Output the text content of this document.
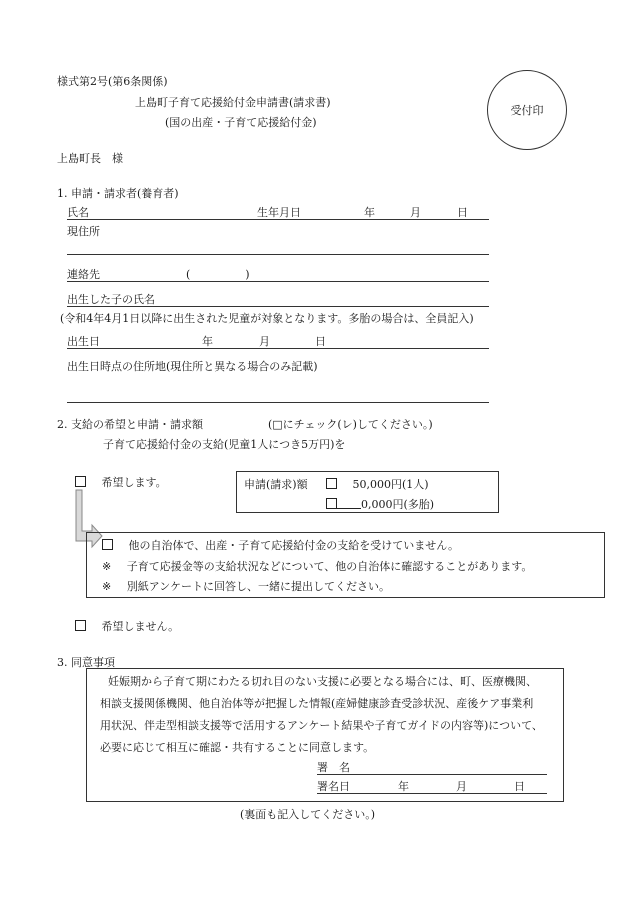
様式第2号(第6条関係)
上島町子育て応援給付金申請書(請求書)
(国の出産・子育て応援給付金)
受付印
上島町長　様
1. 申請・請求者(養育者)
氏名	生年月日	年	月	日
現住所
連絡先	(　　　　　)
出生した子の氏名
(令和4年4月1日以降に出生された児童が対象となります。多胎の場合は、全員記入)
出生日	年	月	日
出生日時点の住所地(現住所と異なる場合のみ記載)
2. 支給の希望と申請・請求額	(□にチェック(レ)してください。)
子育て応援給付金の支給(児童1人につき5万円)を
希望します。	申請(請求)額	50,000円(1人)
0,000円(多胎)
他の自治体で、出産・子育て応援給付金の支給を受けていません。
※ 子育て応援金等の支給状況などについて、他の自治体に確認することがあります。
※ 別紙アンケートに回答し、一緒に提出してください。
希望しません。
3. 同意事項

妊娠期から子育て期にわたる切れ目のない支援に必要となる場合には、町、医療機関、

相談支援関係機関、他自治体等が把握した情報(産婦健康診査受診状況、産後ケア事業利

用状況、伴走型相談支援等で活用するアンケート結果や子育てガイドの内容等)について、

必要に応じて相互に確認・共有することに同意します。

署　名
署名日	年	月	日
(裏面も記入してください。)
